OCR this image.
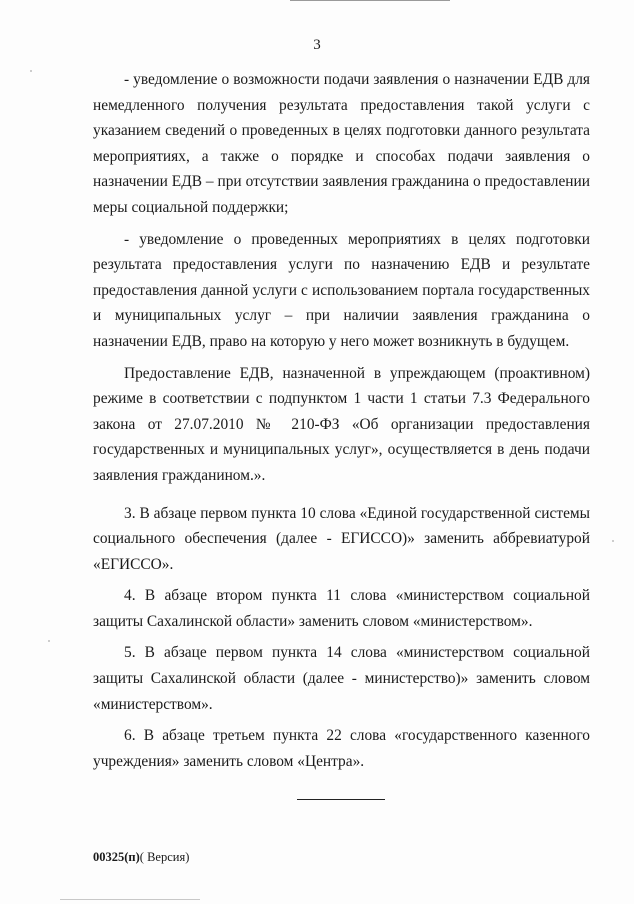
3

- уведомление о возможности подачи заявления о назначении ЕДВ для немедленного получения результата предоставления такой услуги с указанием сведений о проведенных в целях подготовки данного результата мероприятиях, а также о порядке и способах подачи заявления о назначении ЕДВ – при отсутствии заявления гражданина о предоставлении меры социальной поддержки;

- уведомление о проведенных мероприятиях в целях подготовки результата предоставления услуги по назначению ЕДВ и результате предоставления данной услуги с использованием портала государственных и муниципальных услуг – при наличии заявления гражданина о назначении ЕДВ, право на которую у него может возникнуть в будущем.

Предоставление ЕДВ, назначенной в упреждающем (проактивном) режиме в соответствии с подпунктом 1 части 1 статьи 7.3 Федерального закона от 27.07.2010 № 210-ФЗ «Об организации предоставления государственных и муниципальных услуг», осуществляется в день подачи заявления гражданином.».

3. В абзаце первом пункта 10 слова «Единой государственной системы социального обеспечения (далее - ЕГИССО)» заменить аббревиатурой «ЕГИССО».

4. В абзаце втором пункта 11 слова «министерством социальной защиты Сахалинской области» заменить словом «министерством».

5. В абзаце первом пункта 14 слова «министерством социальной защиты Сахалинской области (далее - министерство)» заменить словом «министерством».

6. В абзаце третьем пункта 22 слова «государственного казенного учреждения» заменить словом «Центра».

00325(п)( Версия)
